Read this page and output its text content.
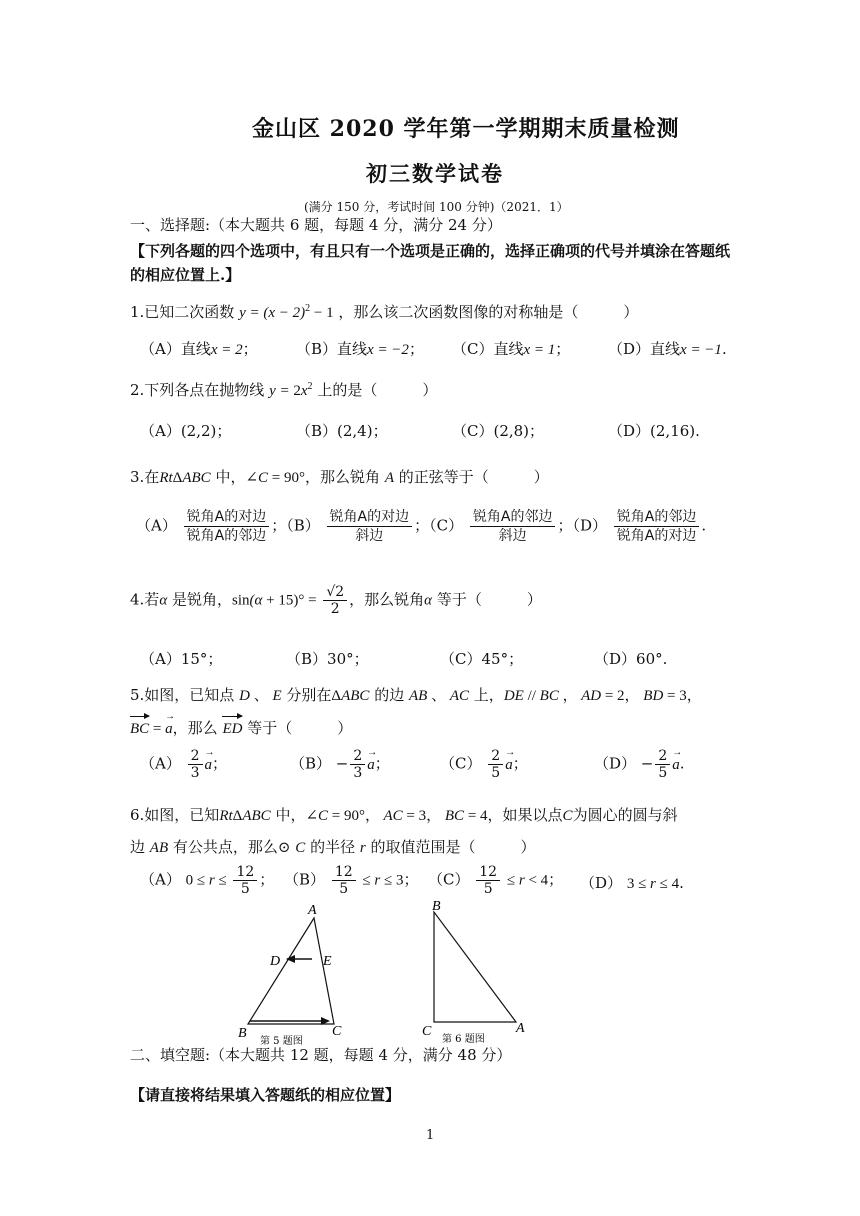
金山区 2020 学年第一学期期末质量检测
初三数学试卷
(满分 150 分，考试时间 100 分钟)（2021．1）
一、选择题:（本大题共 6 题，每题 4 分，满分 24 分）
【下列各题的四个选项中，有且只有一个选项是正确的，选择正确项的代号并填涂在答题纸
的相应位置上.】
1.已知二次函数 $y = (x - 2)^2 - 1$ ，那么该二次函数图像的对称轴是（　　　）
（A）直线x = 2；	（B）直线x = −2； （C）直线x = 1；	（D）直线x = −1.
2.下列各点在抛物线 $y = 2x^2$ 上的是（　　　）
（A）(2,2)；	（B）(2,4)；	（C）(2,8)；	（D）(2,16).
3.在RtΔABC 中，∠C = 90°，那么锐角 A 的正弦等于（　　　）
$(A) \frac{\text{锐角A的对边}}{\text{锐角A的邻边}}$ ；$(B) \frac{\text{锐角A的对边}}{\text{斜边}}$ ；$(C) \frac{\text{锐角A的邻边}}{\text{斜边}}$ ；$(D) \frac{\text{锐角A的邻边}}{\text{锐角A的对边}}$ .
4.若α 是锐角，$\sin(\alpha + 15)^\circ = \frac{√2}{2}$ ，那么锐角α 等于（　　　）
（A）15°；	（B）30°；	（C）45°；	（D）60°.
5.如图，已知点 D 、 E 分别在ΔABC 的边 AB 、 AC 上，DE // BC ， AD = 2， BD = 3，
BC = → a，那么 ED 等于（　　　）
$(A) \frac{2}{3}$
→ a；	$(B) - \frac{2}{3}$
→ a；	$(C) \frac{2}{5}$
→ a；	$(D) - \frac{2}{5}$
→ a.
6.如图，已知RtΔABC 中，∠C = 90°， AC = 3， BC = 4，如果以点C为圆心的圆与斜
边 AB 有公共点，那么⊙ C 的半径 r 的取值范围是（　　　）
（A） $0 \le r \le \frac{12}{5}$ ； $(B) \frac{12}{5} \le r \le 3$； $(C) \frac{12}{5} \le r < 4$； （D） 3 ≤ r ≤ 4.
A
D	E
B	C
第 5 题图
B
C	A
第 6 题图
二、填空题:（本大题共 12 题，每题 4 分，满分 48 分）
【请直接将结果填入答题纸的相应位置】
1
